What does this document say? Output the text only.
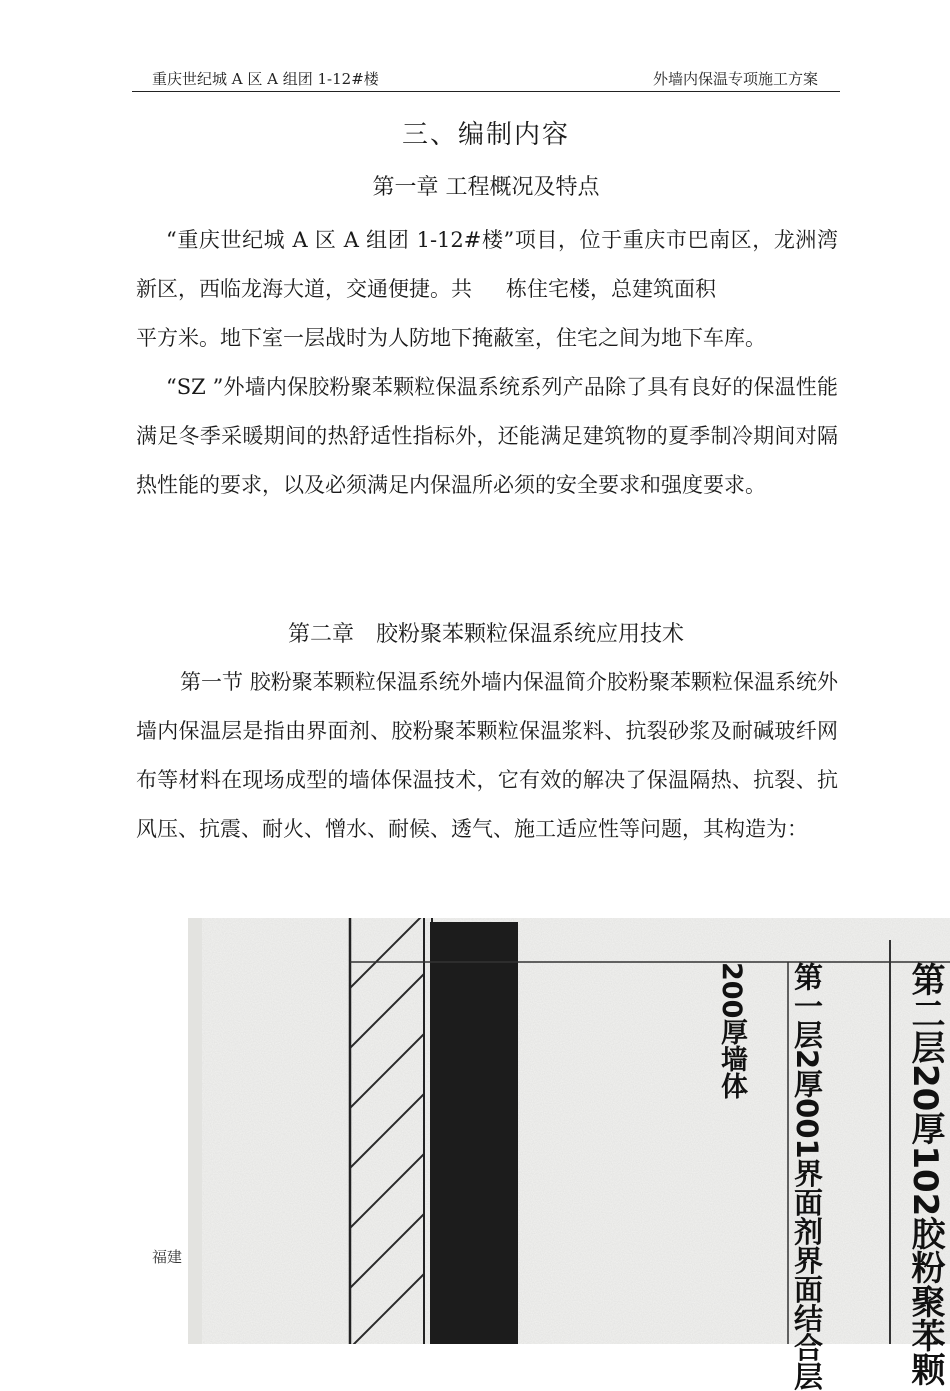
重庆世纪城 A 区 A 组团 1-12#楼	外墙内保温专项施工方案
三、编制内容
第一章 工程概况及特点
“重庆世纪城 A 区 A 组团 1-12#楼”项目，位于重庆市巴南区，龙洲湾新区，西临龙海大道，交通便捷。共 栋住宅楼，总建筑面积
平方米。地下室一层战时为人防地下掩蔽室，住宅之间为地下车库。
“SZ ”外墙内保胶粉聚苯颗粒保温系统系列产品除了具有良好的保温性能满足冬季采暖期间的热舒适性指标外，还能满足建筑物的夏季制冷期间对隔热性能的要求，以及必须满足内保温所必须的安全要求和强度要求。
第二章　胶粉聚苯颗粒保温系统应用技术
第一节 胶粉聚苯颗粒保温系统外墙内保温简介胶粉聚苯颗粒保温系统外墙内保温层是指由界面剂、胶粉聚苯颗粒保温浆料、抗裂砂浆及耐碱玻纤网布等材料在现场成型的墙体保温技术，它有效的解决了保温隔热、抗裂、抗风压、抗震、耐火、憎水、耐候、透气、施工适应性等问题，其构造为：
200厚墙体 第一层2厚001界面剂界面结合层 第二层20厚102胶粉聚苯颗
福建
